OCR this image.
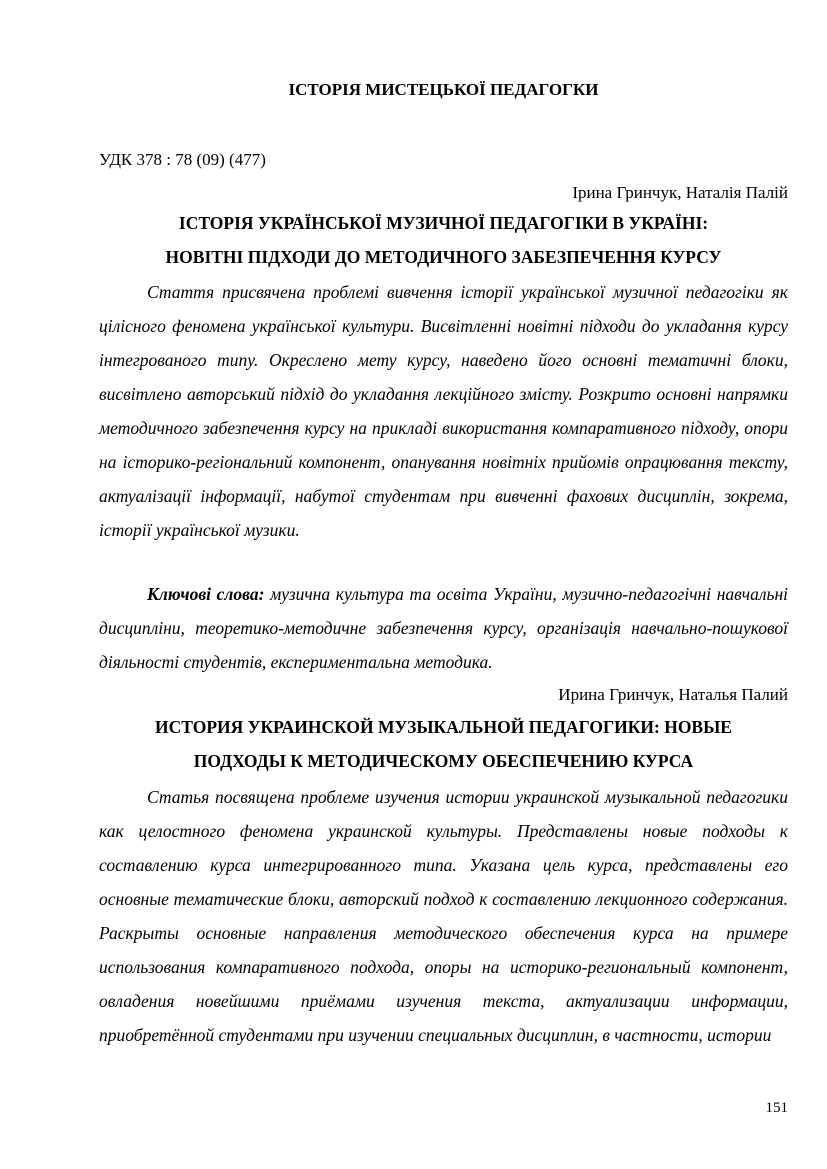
ІСТОРІЯ МИСТЕЦЬКОЇ ПЕДАГОГКИ
УДК 378 : 78 (09) (477)
Ірина Гринчук, Наталія Палій
ІСТОРІЯ УКРАЇНСЬКОЇ МУЗИЧНОЇ ПЕДАГОГІКИ В УКРАЇНІ:
НОВІТНІ ПІДХОДИ ДО МЕТОДИЧНОГО ЗАБЕЗПЕЧЕННЯ КУРСУ

Стаття присвячена проблемі вивчення історії української музичної педагогіки як цілісного феномена української культури. Висвітленні новітні підходи до укладання курсу інтегрованого типу. Окреслено мету курсу, наведено його основні тематичні блоки, висвітлено авторський підхід до укладання лекційного змісту. Розкрито основні напрямки методичного забезпечення курсу на прикладі використання компаративного підходу, опори на історико-регіональний компонент, опанування новітніх прийомів опрацювання тексту, актуалізації інформації, набутої студентам при вивченні фахових дисциплін, зокрема, історії української музики.

Ключові слова: музична культура та освіта України, музично-педагогічні навчальні дисципліни, теоретико-методичне забезпечення курсу, організація навчально-пошукової діяльності студентів, експериментальна методика.

Ирина Гринчук, Наталья Палий
ИСТОРИЯ УКРАИНСКОЙ МУЗЫКАЛЬНОЙ ПЕДАГОГИКИ: НОВЫЕ
ПОДХОДЫ К МЕТОДИЧЕСКОМУ ОБЕСПЕЧЕНИЮ КУРСА

Статья посвящена проблеме изучения истории украинской музыкальной педагогики как целостного феномена украинской культуры. Представлены новые подходы к составлению курса интегрированного типа. Указана цель курса, представлены его основные тематические блоки, авторский подход к составлению лекционного содержания. Раскрыты основные направления методического обеспечения курса на примере использования компаративного подхода, опоры на историко-региональный компонент, овладения новейшими приёмами изучения текста, актуализации информации, приобретённой студентами при изучении специальных дисциплин, в частности, истории

151
